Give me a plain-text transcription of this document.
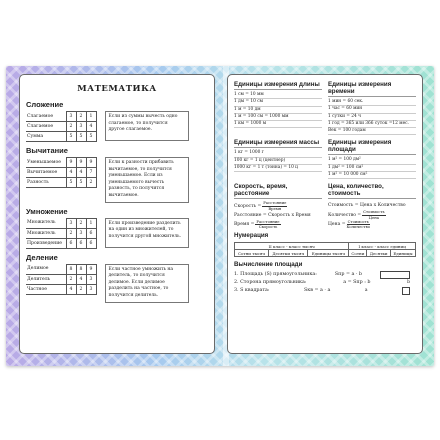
МАТЕМАТИКА
Сложение
Слагаемое	3	2	1
Слагаемое	2	3	4
Сумма	5	5	5
Если из суммы вычесть одно слагаемое, то получится другое слагаемое.
Вычитание
Уменьшаемое	9	9	9
Вычитаемое	4	4	7
Разность	5	5	2
Если к разности прибавить вычитаемое, то получится уменьшаемое. Если из уменьшаемого вычесть разность, то получится вычитаемое.
Умножение
Множитель	3	2	1
Множитель	2	3	6
Произведение	6	6	6
Если произведение разделить на один из множителей, то получится другой множитель.
Деление
Делимое	8	8	9
Делитель	2	4	3
Частное	4	2	3
Если частное умножить на делитель, то получится делимое. Если делимое разделить на частное, то получится делитель.
Единицы измерения длины
1 см = 10 мм
1 дм = 10 см
1 м = 10 дм
1 м = 100 см = 1000 мм
1 км = 1000 м
Единицы измерения времени
1 мин = 60 сек.
1 час = 60 мин
1 сутки = 24 ч
1 год = 365 или 366 суток =12 мес.
Век = 100 годам
Единицы измерения массы
1 кг = 1000 г
100 кг = 1 ц (центнер)
1000 кг = 1 т (тонна) = 10 ц
Единицы измерения площади
1 м² = 100 дм²
1 дм² = 100 см²
1 м² = 10 000 см²
Скорость, время, расстояние
Скорость = $\frac{\text{Расстояние}}{\text{Время}}$
Расстояние = Скорость х Время
Время = $\frac{\text{Расстояние}}{\text{Скорость}}$
Цена, количество, стоимость
Стоимость = Цена х Количество
Количество = $\frac{\text{Стоимость}}{\text{Цена}}$
Цена = $\frac{\text{Стоимость}}{\text{Количество}}$
Нумерация
II класс - класс тысяч			I класс - класс единиц		
Сотни тысяч	Десятки тысяч	Единицы тысяч	Сотни	Десятки	Единицы
Вычисление площади
1. Площадь (S) прямоугольника:	Sпр = a · b
2. Сторона прямоугольника:	a = Sпр : b	b
3. S квадрата:	Sкв = a · a	a
